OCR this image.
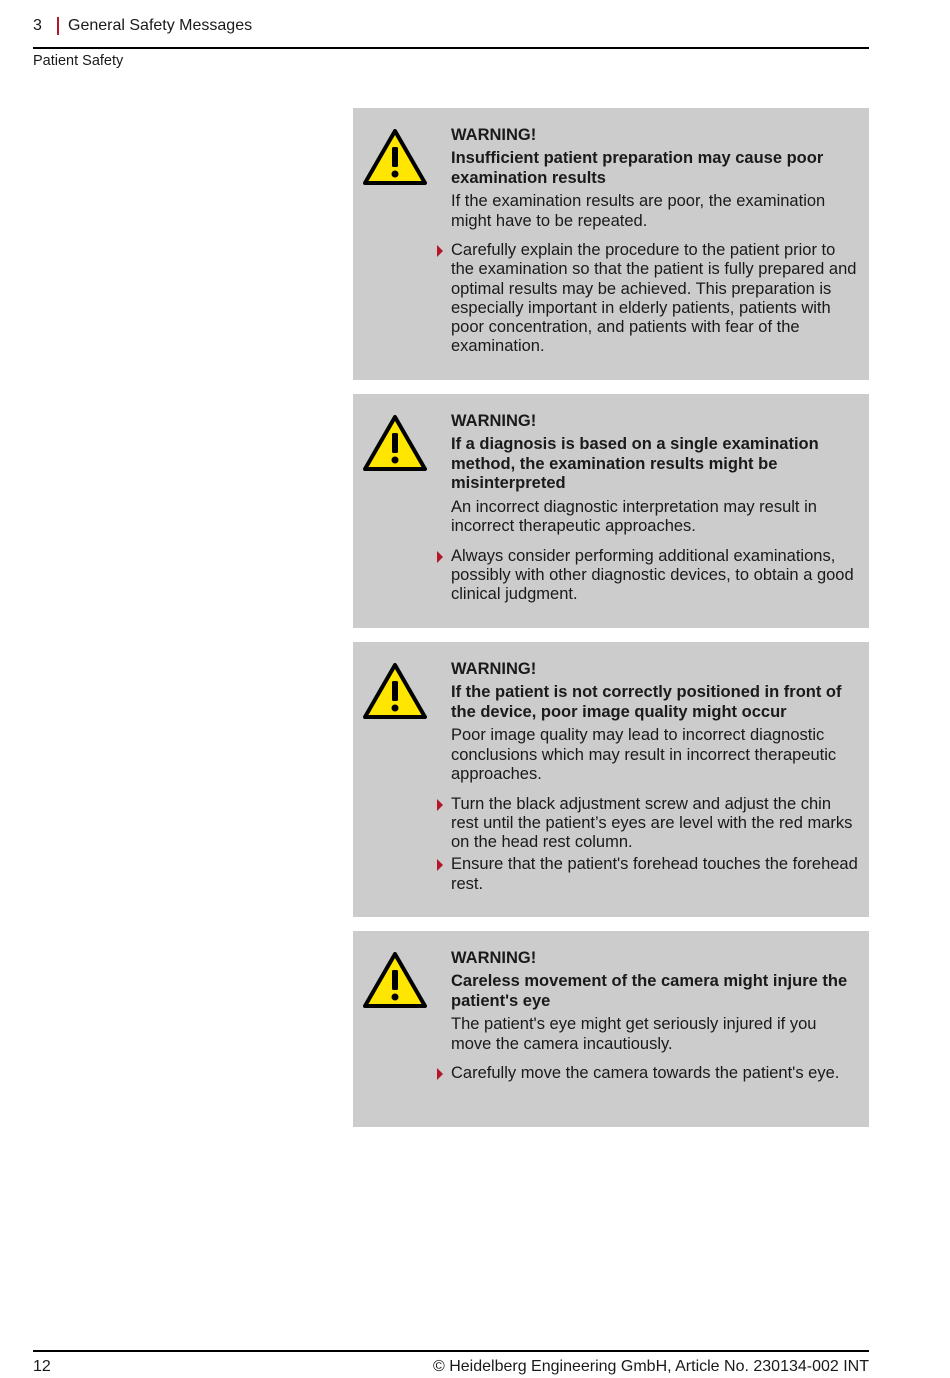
3	General Safety Messages
Patient Safety

WARNING!

Insufficient patient preparation may cause poor examination results

If the examination results are poor, the examination might have to be repeated.

Carefully explain the procedure to the patient prior to the examination so that the patient is fully prepared and optimal results may be achieved. This preparation is especially important in elderly patients, patients with poor concentration, and patients with fear of the examination.

WARNING!

If a diagnosis is based on a single examination method, the examination results might be misinterpreted

An incorrect diagnostic interpretation may result in incorrect therapeutic approaches.

Always consider performing additional examinations, possibly with other diagnostic devices, to obtain a good clinical judgment.

WARNING!

If the patient is not correctly positioned in front of the device, poor image quality might occur

Poor image quality may lead to incorrect diagnostic conclusions which may result in incorrect therapeutic approaches.

Turn the black adjustment screw and adjust the chin rest until the patient’s eyes are level with the red marks on the head rest column.
Ensure that the patient's forehead touches the forehead rest.

WARNING!

Careless movement of the camera might injure the patient's eye

The patient's eye might get seriously injured if you move the camera incautiously.

Carefully move the camera towards the patient's eye.
12	© Heidelberg Engineering GmbH, Article No. 230134-002 INT
